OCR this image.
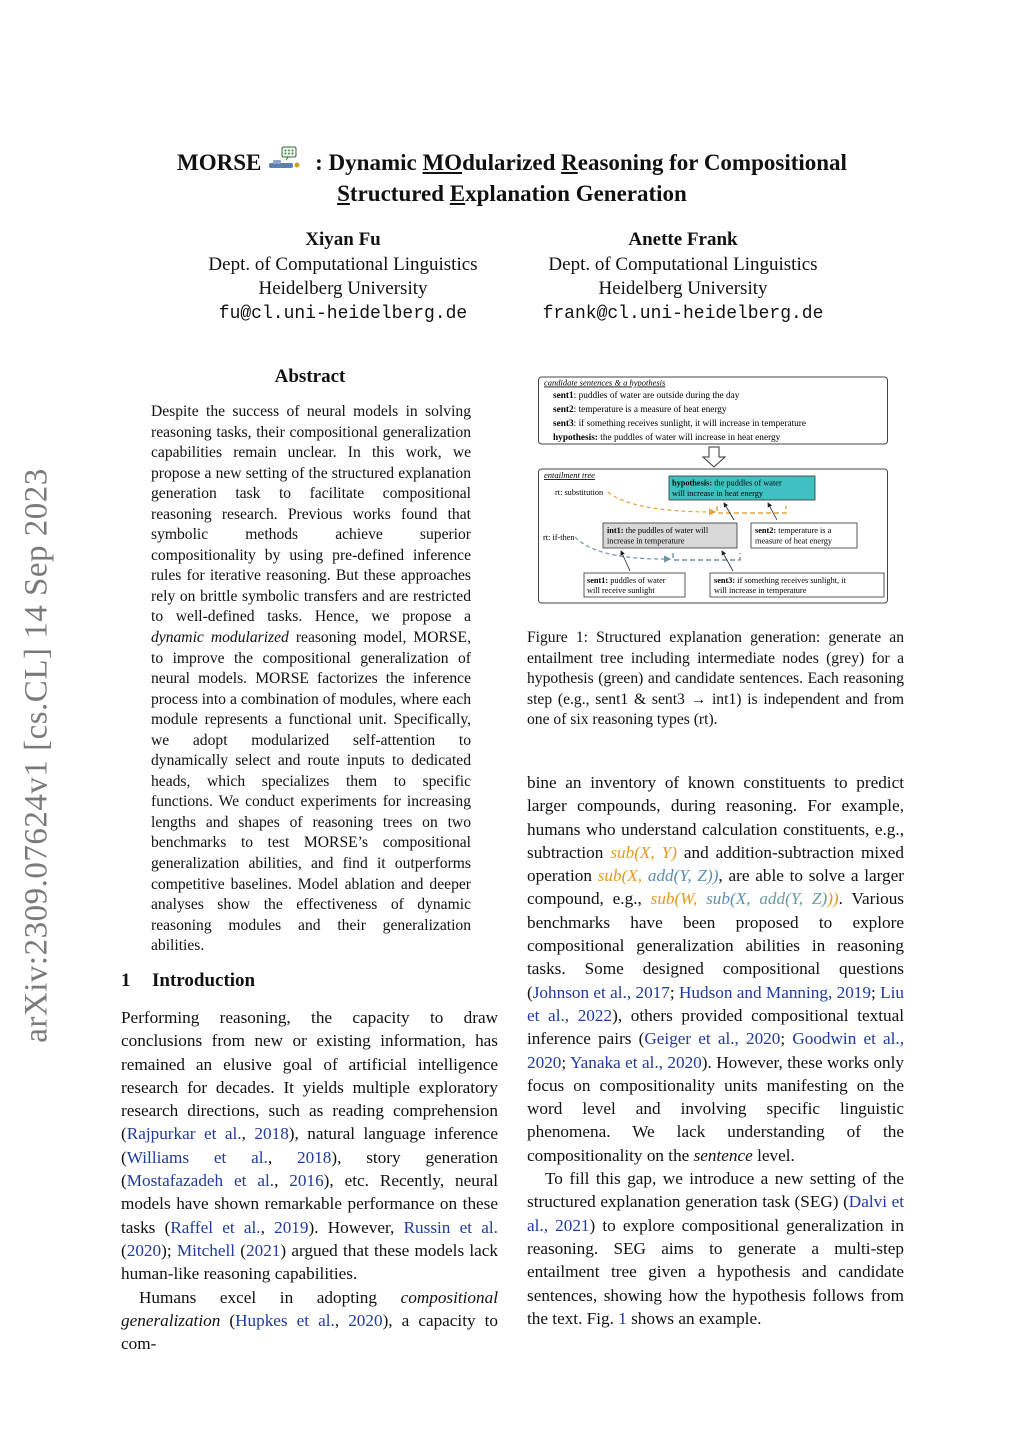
arXiv:2309.07624v1 [cs.CL] 14 Sep 2023
MORSE : Dynamic MOdularized Reasoning for Compositional
Structured Explanation Generation
Xiyan Fu
Dept. of Computational Linguistics
Heidelberg University
fu@cl.uni-heidelberg.de
Anette Frank
Dept. of Computational Linguistics
Heidelberg University
frank@cl.uni-heidelberg.de
Abstract
Despite the success of neural models in solving reasoning tasks, their compositional generalization capabilities remain unclear. In this work, we propose a new setting of the structured explanation generation task to facilitate compositional reasoning research. Previous works found that symbolic methods achieve superior compositionality by using pre-defined inference rules for iterative reasoning. But these approaches rely on brittle symbolic transfers and are restricted to well-defined tasks. Hence, we propose a dynamic modularized reasoning model, MORSE, to improve the compositional generalization of neural models. MORSE factorizes the inference process into a combination of modules, where each module represents a functional unit. Specifically, we adopt modularized self-attention to dynamically select and route inputs to dedicated heads, which specializes them to specific functions. We conduct experiments for increasing lengths and shapes of reasoning trees on two benchmarks to test MORSE’s compositional generalization abilities, and find it outperforms competitive baselines. Model ablation and deeper analyses show the effectiveness of dynamic reasoning modules and their generalization abilities.
1 Introduction

Performing reasoning, the capacity to draw conclusions from new or existing information, has remained an elusive goal of artificial intelligence research for decades. It yields multiple exploratory research directions, such as reading comprehension (Rajpurkar et al., 2018), natural language inference (Williams et al., 2018), story generation (Mostafazadeh et al., 2016), etc. Recently, neural models have shown remarkable performance on these tasks (Raffel et al., 2019). However, Russin et al. (2020); Mitchell (2021) argued that these models lack human-like reasoning capabilities.

Humans excel in adopting compositional generalization (Hupkes et al., 2020), a capacity to com-

candidate sentences & a hypothesis
sent1: puddles of water are outside during the day
sent2: temperature is a measure of heat energy
sent3: if something receives sunlight, it will increase in temperature
hypothesis: the puddles of water will increase in heat energy
entailment tree
rt: substitution
rt: if-then
hypothesis: the puddles of water
will increase in heat energy
int1: the puddles of water will
increase in temperature
sent2: temperature is a
measure of heat energy
sent1: puddles of water
will receive sunlight
sent3: if something receives sunlight, it
will increase in temperature
Figure 1: Structured explanation generation: generate an entailment tree including intermediate nodes (grey) for a hypothesis (green) and candidate sentences. Each reasoning step (e.g., sent1 & sent3 → int1) is independent and from one of six reasoning types (rt).

bine an inventory of known constituents to predict larger compounds, during reasoning. For example, humans who understand calculation constituents, e.g., subtraction sub(X, Y) and addition-subtraction mixed operation sub(X, add(Y, Z)), are able to solve a larger compound, e.g., sub(W, sub(X, add(Y, Z))). Various benchmarks have been proposed to explore compositional generalization abilities in reasoning tasks. Some designed compositional questions (Johnson et al., 2017; Hudson and Manning, 2019; Liu et al., 2022), others provided compositional textual inference pairs (Geiger et al., 2020; Goodwin et al., 2020; Yanaka et al., 2020). However, these works only focus on compositionality units manifesting on the word level and involving specific linguistic phenomena. We lack understanding of the compositionality on the sentence level.

To fill this gap, we introduce a new setting of the structured explanation generation task (SEG) (Dalvi et al., 2021) to explore compositional generalization in reasoning. SEG aims to generate a multi-step entailment tree given a hypothesis and candidate sentences, showing how the hypothesis follows from the text. Fig. 1 shows an example.
